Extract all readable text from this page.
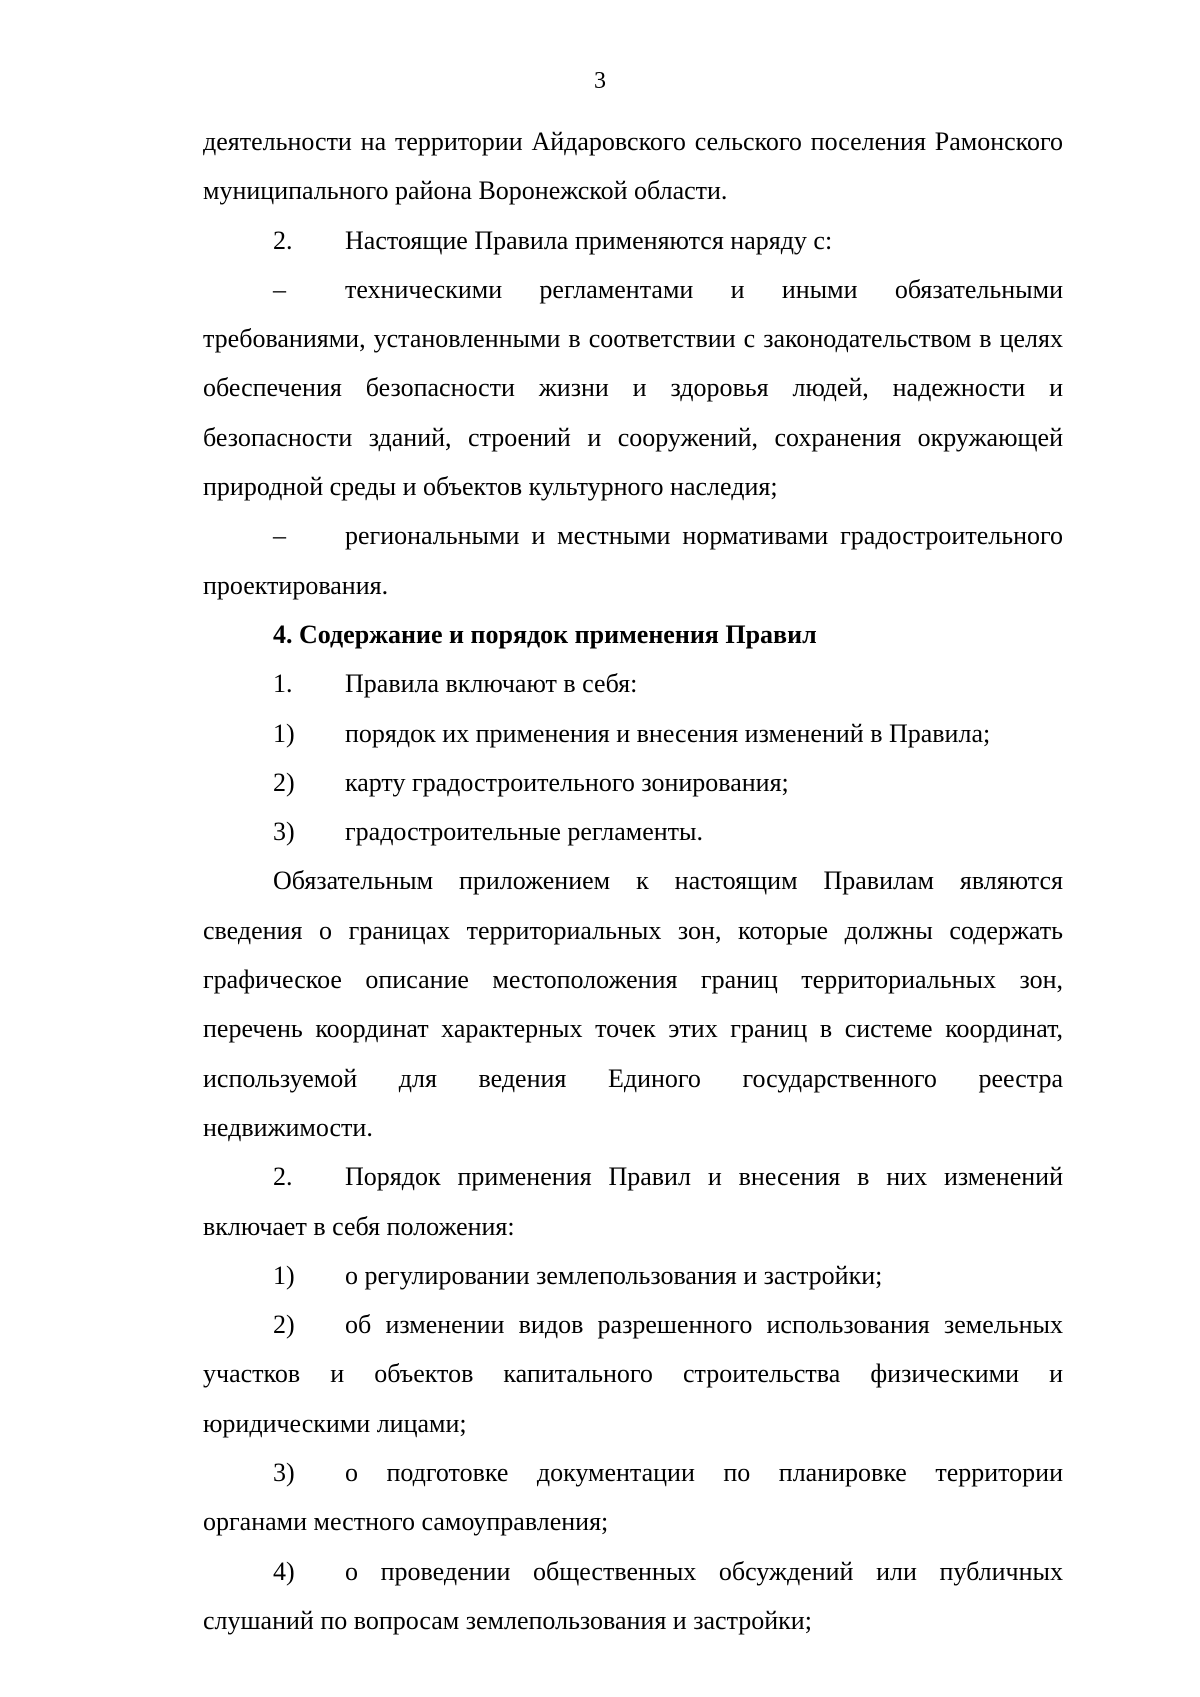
3

деятельности на территории Айдаровского сельского поселения Рамонского муниципального района Воронежской области.

2. Настоящие Правила применяются наряду с:

– техническими регламентами и иными обязательными требованиями, установленными в соответствии с законодательством в целях обеспечения безопасности жизни и здоровья людей, надежности и безопасности зданий, строений и сооружений, сохранения окружающей природной среды и объектов культурного наследия;

– региональными и местными нормативами градостроительного проектирования.

4. Содержание и порядок применения Правил

1. Правила включают в себя:

1) порядок их применения и внесения изменений в Правила;

2) карту градостроительного зонирования;

3) градостроительные регламенты.

Обязательным приложением к настоящим Правилам являются сведения о границах территориальных зон, которые должны содержать графическое описание местоположения границ территориальных зон, перечень координат характерных точек этих границ в системе координат, используемой для ведения Единого государственного реестра недвижимости.

2. Порядок применения Правил и внесения в них изменений включает в себя положения:

1) о регулировании землепользования и застройки;

2) об изменении видов разрешенного использования земельных участков и объектов капитального строительства физическими и юридическими лицами;

3) о подготовке документации по планировке территории органами местного самоуправления;

4) о проведении общественных обсуждений или публичных слушаний по вопросам землепользования и застройки;
